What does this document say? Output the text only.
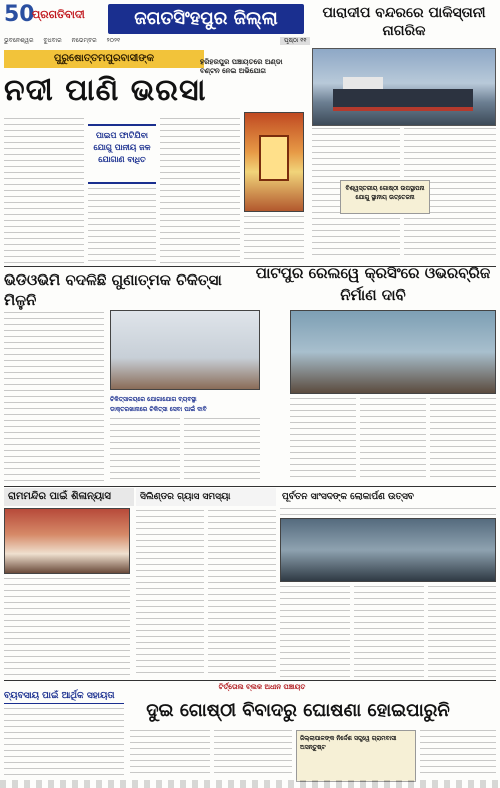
50
ପ୍ରଗତିବାଦୀ	ଜଗତସିଂହପୁର ଜିଲ୍ଲା
ଭୁବନେଶ୍ୱର ବୁଧବାର ନଭେମ୍ବର ୨୦୨୧	ପୃଷ୍ଠା ୧୧
ପାରାଦୀପ ବନ୍ଦରରେ ପାକିସ୍ତାନୀ ନାଗରିକ
ପୁରୁଷୋତ୍ତମପୁରବାସୀଙ୍କ
ନଦୀ ପାଣି ଭରସା
ହରିହରପୁର ପଞ୍ଚାୟତରେ ଅଣ୍ଡା ବଣ୍ଟନ ନେଇ ଅଭିଯୋଗ
ପାଇପ ଫାଟିଯିବା ଯୋଗୁ ପାନୀୟ ଜଳ ଯୋଗାଣ ବାଧିତ
ବିଶ୍ୱସ୍ତରୀୟ ଗୋଷ୍ଠୀ ଉପସ୍ଥାପନା ଯୋଗୁ ସ୍ଥାନୀୟ ଉତ୍ତେଜନା
ଭିଡିଓଭିମି ବଦଳିଛି ଗୁଣାତ୍ମକ ଚିକିତ୍ସା ମିଳୁନି
ପାଟପୁର ରେଲୱେ କ୍ରସିଂରେ ଓଭରବ୍ରିଜ ନିର୍ମାଣ ଦାବି
ଚିକିତ୍ସାଳୟରେ ଯୋଗାଯୋଗ ବ୍ୟବସ୍ଥା
ଡାକ୍ତରଖାନାରେ ଚିକିତ୍ସା ସେବା ପାଇଁ ଦାବି
ରାମମନ୍ଦିର ପାଇଁ ଶିଳାନ୍ୟାସ	ସିଲିଣ୍ଡର ଗ୍ୟାସ ସମସ୍ୟା	ପୂର୍ବତନ ସାଂସଦଙ୍କ ଲୋକାର୍ପଣ ଉତ୍ସବ
ବ୍ୟବସାୟ ପାଇଁ ଆର୍ଥିକ ସହାୟତା
ଟିର୍ତ୍ତୋଲ ବ୍ଲକ ଅଧୀନ ପଞ୍ଚାୟତ
ଦୁଇ ଗୋଷ୍ଠୀ ବିବାଦରୁ ଘୋଷଣା ହୋଇପାରୁନି
ଜିଲ୍ଲାପାଳଙ୍କ ନିର୍ଦ୍ଦେଶ ସତ୍ତ୍ୱେ ଗ୍ରାମବାସୀ ଅସନ୍ତୁଷ୍ଟ
